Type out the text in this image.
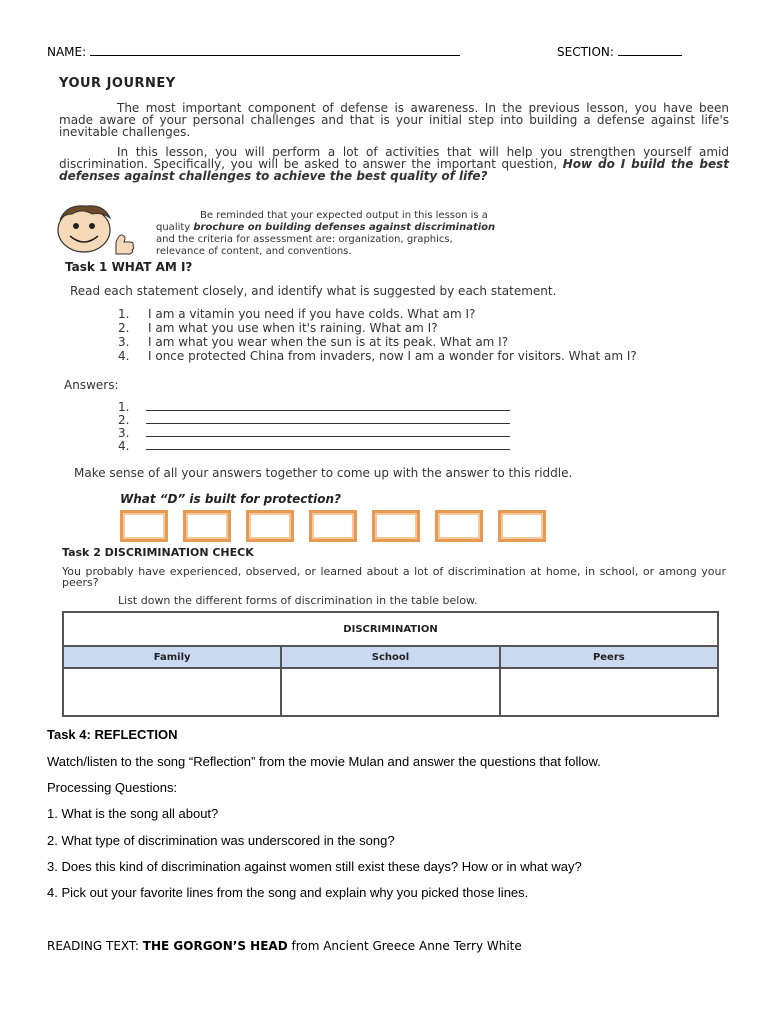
NAME:	SECTION:
YOUR JOURNEY

The most important component of defense is awareness. In the previous lesson, you have been made aware of your personal challenges and that is your initial step into building a defense against life's inevitable challenges.

In this lesson, you will perform a lot of activities that will help you strengthen yourself amid discrimination. Specifically, you will be asked to answer the important question, How do I build the best defenses against challenges to achieve the best quality of life?

Be reminded that your expected output in this lesson is a
quality brochure on building defenses against discrimination
and the criteria for assessment are: organization, graphics,
relevance of content, and conventions.
Task 1 WHAT AM I?
Read each statement closely, and identify what is suggested by each statement.
1. I am a vitamin you need if you have colds. What am I?
2. I am what you use when it's raining. What am I?
3. I am what you wear when the sun is at its peak. What am I?
4. I once protected China from invaders, now I am a wonder for visitors. What am I?
Answers:
1.
2.
3.
4.
Make sense of all your answers together to come up with the answer to this riddle.
What “D” is built for protection?
Task 2 DISCRIMINATION CHECK
You probably have experienced, observed, or learned about a lot of discrimination at home, in school, or among your peers?
List down the different forms of discrimination in the table below.
DISCRIMINATION		
Family	School	Peers

Task 4: REFLECTION
Watch/listen to the song “Reflection” from the movie Mulan and answer the questions that follow.
Processing Questions:
1. What is the song all about?
2. What type of discrimination was underscored in the song?
3. Does this kind of discrimination against women still exist these days? How or in what way?
4. Pick out your favorite lines from the song and explain why you picked those lines.
READING TEXT: THE GORGON’S HEAD from Ancient Greece Anne Terry White
